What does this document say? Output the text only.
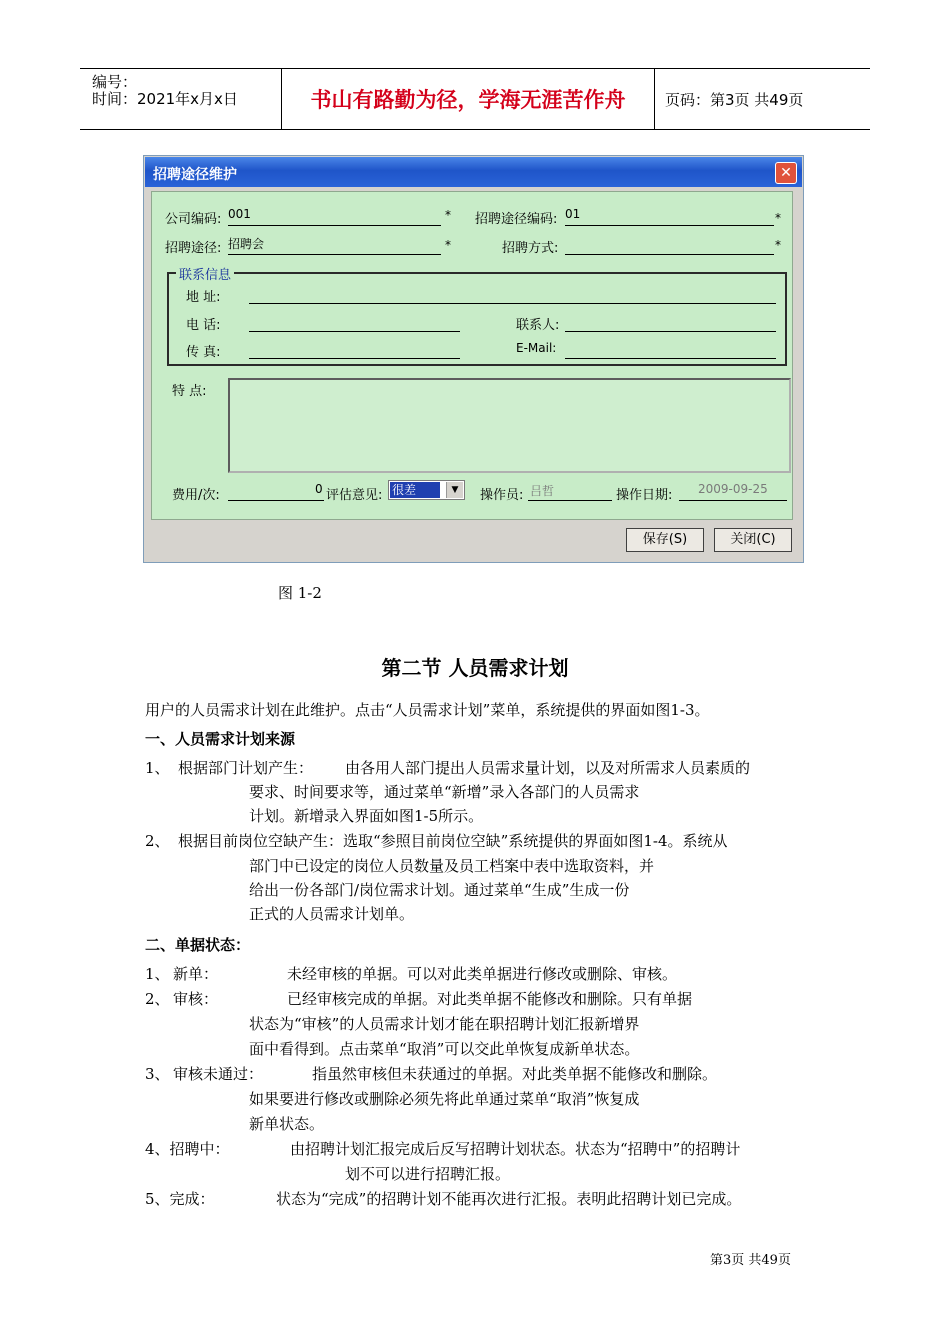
编号：
时间：2021年x月x日	书山有路勤为径，学海无涯苦作舟	页码：第3页 共49页
招聘途径维护	✕
公司编码: 001	* 招聘途径编码: 01	*
招聘途径: 招聘会	*	招聘方式:	*
联系信息
地 址:
电 话:	联系人:
传 真:	E-Mail:
特 点:
费用/次:	0 评估意见: 很差	▼	操作员: 吕哲	操作日期: 2009-09-25
保存(S)	关闭(C)
图 1-2
第二节 人员需求计划
用户的人员需求计划在此维护。点击“人员需求计划”菜单，系统提供的界面如图1-3。
一、人员需求计划来源
1、 根据部门计划产生： 由各用人部门提出人员需求量计划，以及对所需求人员素质的
要求、时间要求等，通过菜单“新增”录入各部门的人员需求
计划。新增录入界面如图1-5所示。
2、 根据目前岗位空缺产生：选取“参照目前岗位空缺”系统提供的界面如图1-4。系统从
部门中已设定的岗位人员数量及员工档案中表中选取资料，并
给出一份各部门/岗位需求计划。通过菜单“生成”生成一份
正式的人员需求计划单。
二、单据状态：
1、 新单：	未经审核的单据。可以对此类单据进行修改或删除、审核。
2、 审核：	已经审核完成的单据。对此类单据不能修改和删除。只有单据
状态为“审核”的人员需求计划才能在职招聘计划汇报新增界
面中看得到。点击菜单“取消”可以交此单恢复成新单状态。
3、 审核未通过：	指虽然审核但未获通过的单据。对此类单据不能修改和删除。
如果要进行修改或删除必须先将此单通过菜单“取消”恢复成
新单状态。
4、招聘中：	由招聘计划汇报完成后反写招聘计划状态。状态为“招聘中”的招聘计
划不可以进行招聘汇报。
5、完成：	状态为“完成”的招聘计划不能再次进行汇报。表明此招聘计划已完成。
第3页 共49页
